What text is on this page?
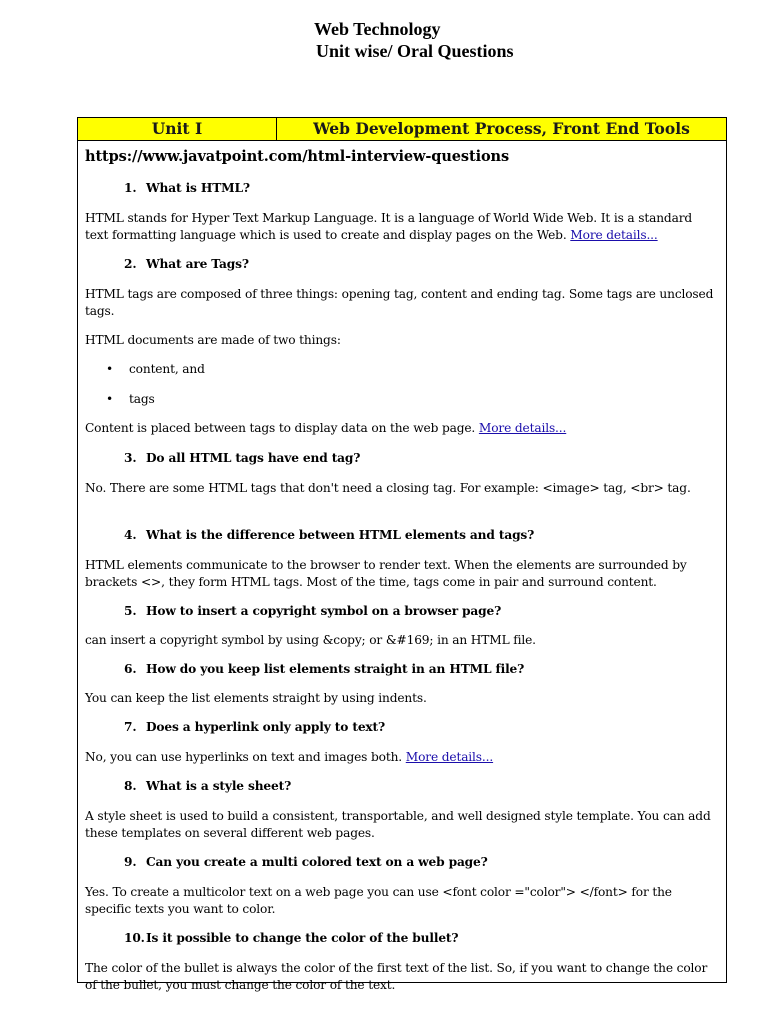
Web Technology
Unit wise/ Oral Questions
Unit I	Web Development Process, Front End Tools
https://www.javatpoint.com/html-interview-questions
1. What is HTML?
HTML stands for Hyper Text Markup Language. It is a language of World Wide Web. It is a standard text formatting language which is used to create and display pages on the Web. More details...
2. What are Tags?
HTML tags are composed of three things: opening tag, content and ending tag. Some tags are unclosed tags.
HTML documents are made of two things:
• content, and
• tags
Content is placed between tags to display data on the web page. More details...
3. Do all HTML tags have end tag?
No. There are some HTML tags that don't need a closing tag. For example: <image> tag, <br> tag.
4. What is the difference between HTML elements and tags?
HTML elements communicate to the browser to render text. When the elements are surrounded by brackets <>, they form HTML tags. Most of the time, tags come in pair and surround content.
5. How to insert a copyright symbol on a browser page?
can insert a copyright symbol by using &copy; or &#169; in an HTML file.
6. How do you keep list elements straight in an HTML file?
You can keep the list elements straight by using indents.
7. Does a hyperlink only apply to text?
No, you can use hyperlinks on text and images both. More details...
8. What is a style sheet?
A style sheet is used to build a consistent, transportable, and well designed style template. You can add these templates on several different web pages.
9. Can you create a multi colored text on a web page?
Yes. To create a multicolor text on a web page you can use <font color ="color"> </font> for the specific texts you want to color.
10.Is it possible to change the color of the bullet?
The color of the bullet is always the color of the first text of the list. So, if you want to change the color of the bullet, you must change the color of the text.
